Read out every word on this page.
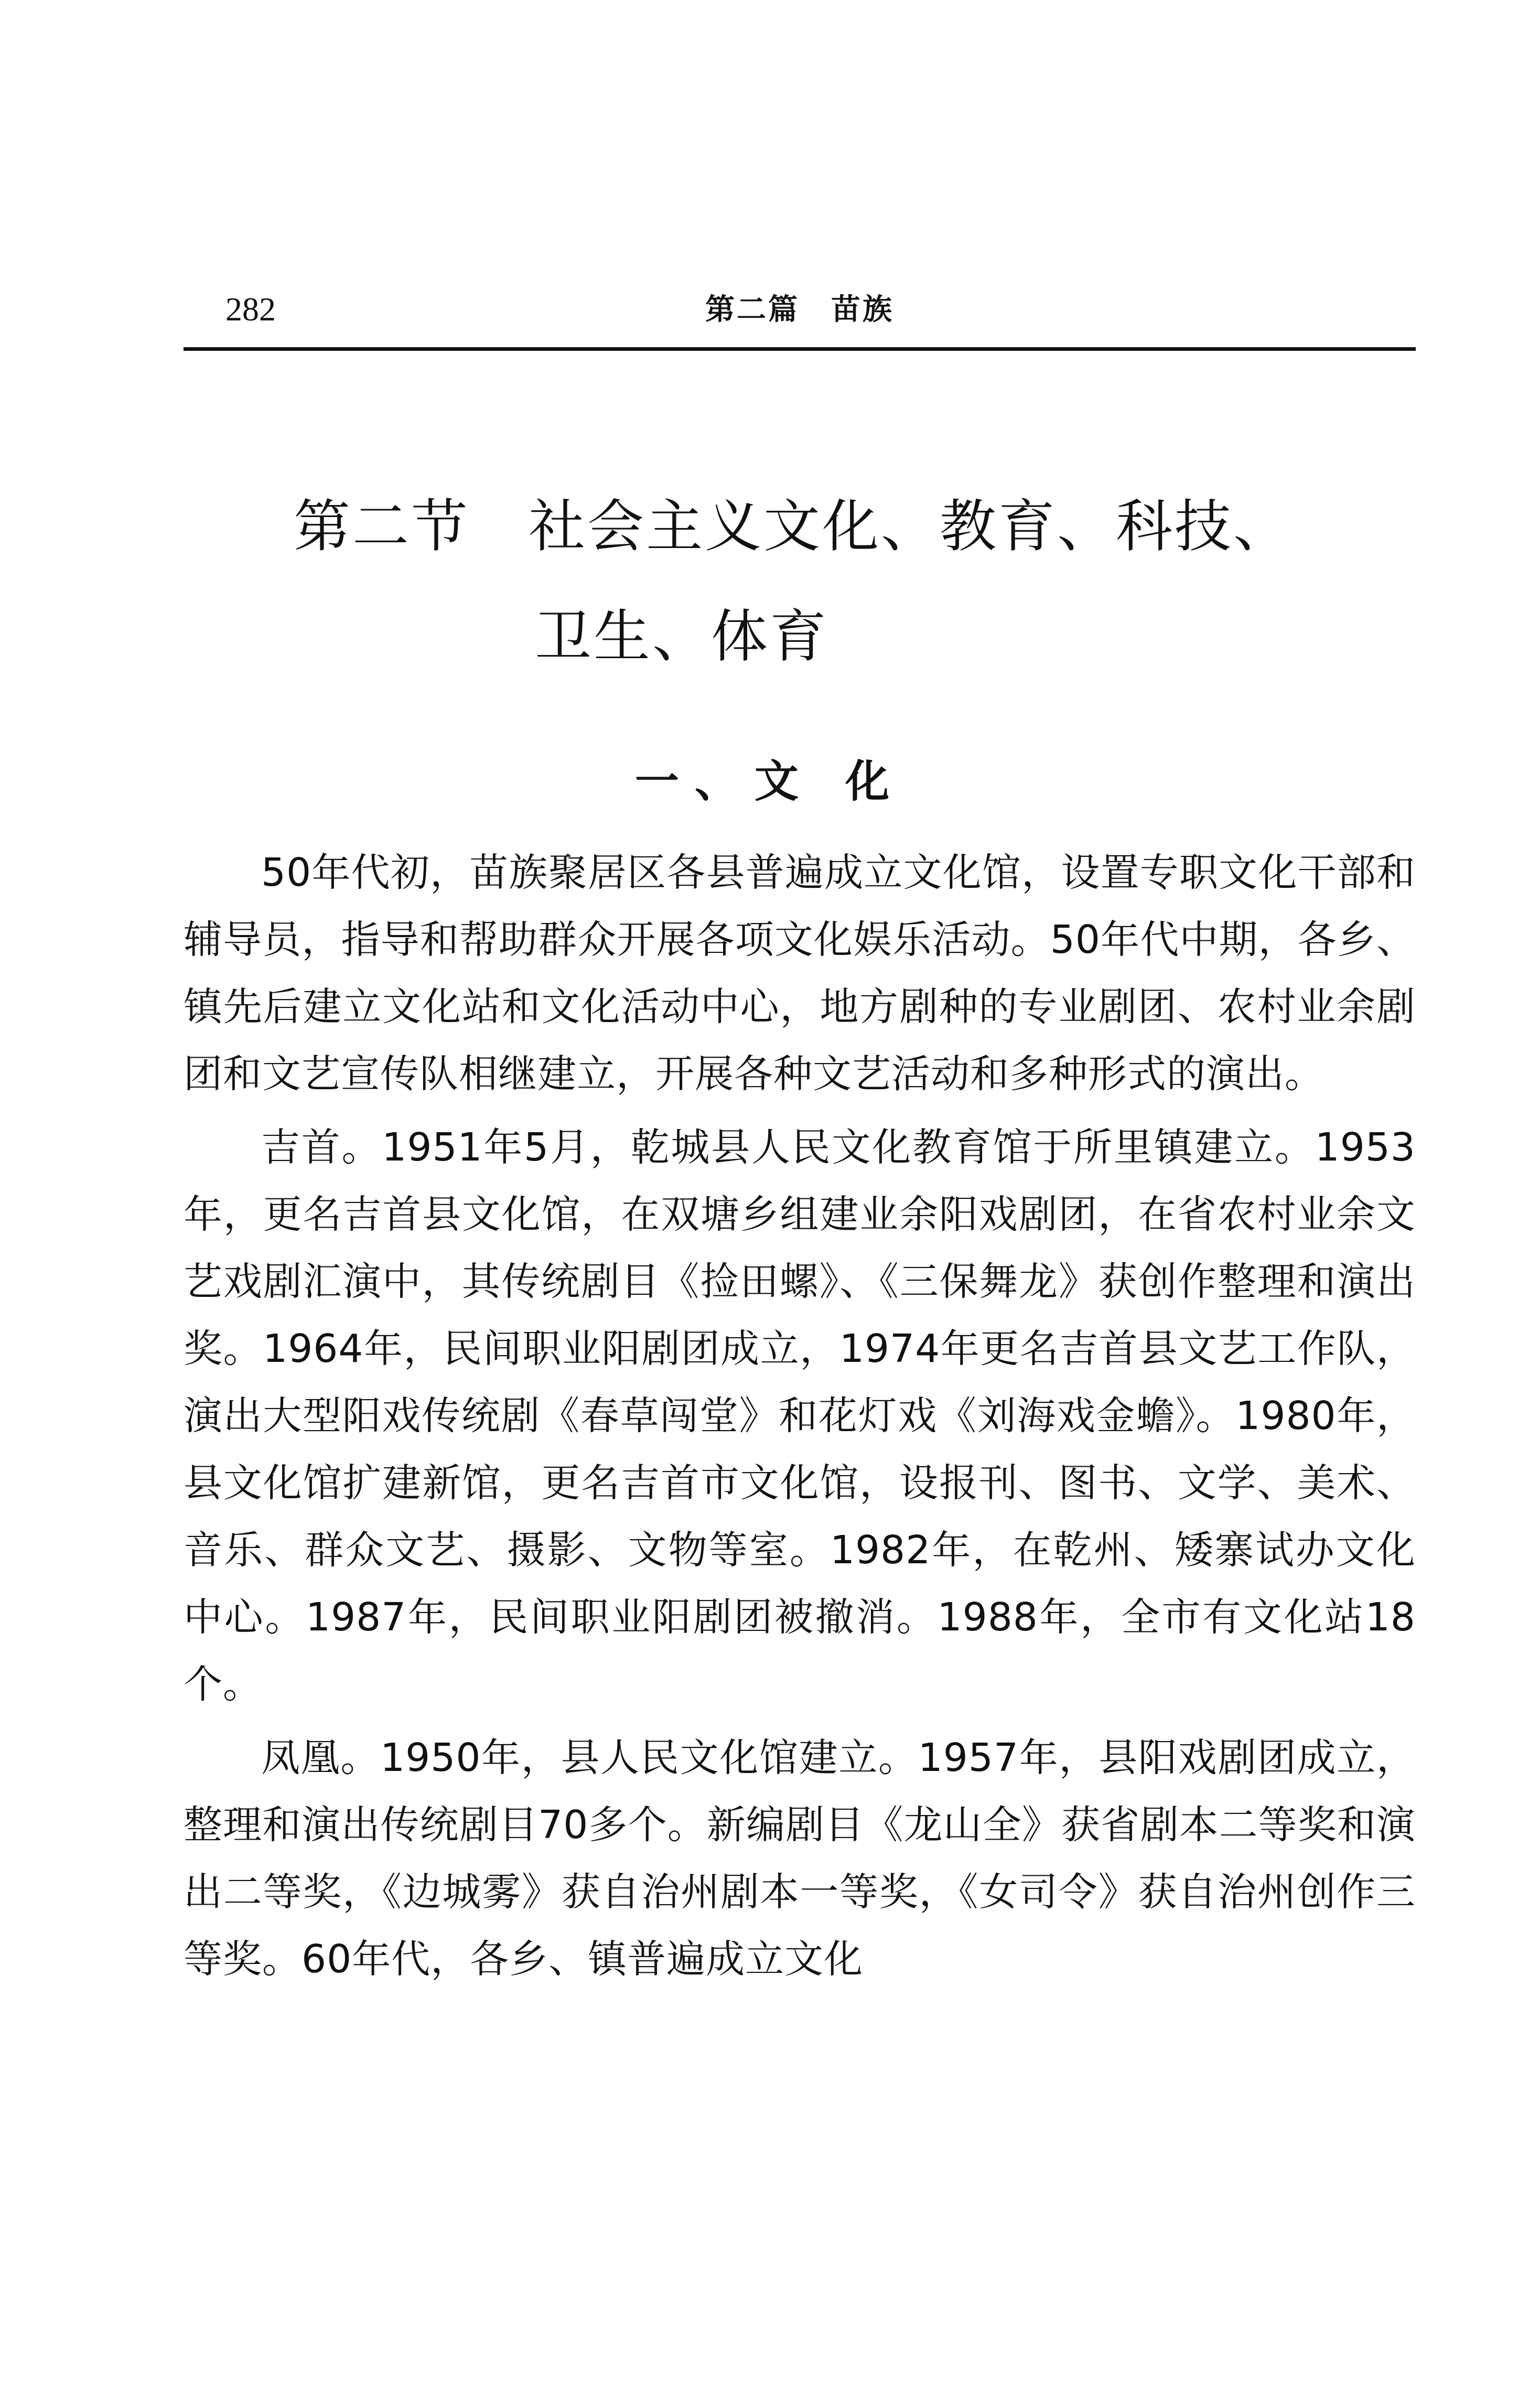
282	第二篇　苗族
第二节　社会主义文化、教育、科技、
卫生、体育
一、文 化

50年代初，苗族聚居区各县普遍成立文化馆，设置专职文化干部和辅导员，指导和帮助群众开展各项文化娱乐活动。50年代中期，各乡、镇先后建立文化站和文化活动中心，地方剧种的专业剧团、农村业余剧团和文艺宣传队相继建立，开展各种文艺活动和多种形式的演出。

吉首。1951年5月，乾城县人民文化教育馆于所里镇建立。1953年，更名吉首县文化馆，在双塘乡组建业余阳戏剧团，在省农村业余文艺戏剧汇演中，其传统剧目《捡田螺》、《三保舞龙》获创作整理和演出奖。1964年，民间职业阳剧团成立，1974年更名吉首县文艺工作队，演出大型阳戏传统剧《春草闯堂》和花灯戏《刘海戏金蟾》。1980年，县文化馆扩建新馆，更名吉首市文化馆，设报刊、图书、文学、美术、音乐、群众文艺、摄影、文物等室。1982年，在乾州、矮寨试办文化中心。1987年，民间职业阳剧团被撤消。1988年，全市有文化站18个。

凤凰。1950年，县人民文化馆建立。1957年，县阳戏剧团成立，整理和演出传统剧目70多个。新编剧目《龙山全》获省剧本二等奖和演出二等奖，《边城雾》获自治州剧本一等奖，《女司令》获自治州创作三等奖。60年代，各乡、镇普遍成立文化
